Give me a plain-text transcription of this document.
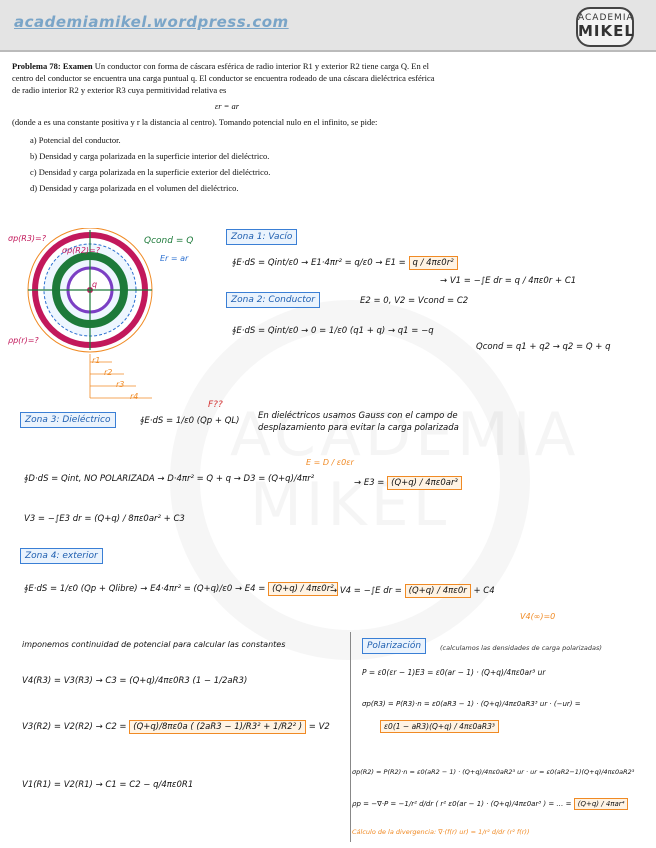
academiamikel.wordpress.com	ACADEMIA
MIKEL

Problema 78: Examen Un conductor con forma de cáscara esférica de radio interior R1 y exterior R2 tiene carga Q. En el centro del conductor se encuentra una carga puntual q. El conductor se encuentra rodeado de una cáscara dieléctrica esférica de radio interior R2 y exterior R3 cuya permitividad relativa es

εr = ar

(donde a es una constante positiva y r la distancia al centro). Tomando potencial nulo en el infinito, se pide:

a) Potencial del conductor.
b) Densidad y carga polarizada en la superficie interior del dieléctrico.
c) Densidad y carga polarizada en la superficie exterior del dieléctrico.
d) Densidad y carga polarizada en el volumen del dieléctrico.
σp(R3)=?
σp(R2)=?
Qcond = Q
Er = ar
q
ρp(r)=?
r1
r2
r3
r4
Zona 1: Vacío
∮E·dS = Qint/ε0 → E1·4πr² = q/ε0 → E1 = q / 4πε0r²
→ V1 = −∫E dr = q / 4πε0r + C1
Zona 2: Conductor	E2 = 0, V2 = Vcond = C2
∮E·dS = Qint/ε0 → 0 = 1/ε0 (q1 + q) → q1 = −q
Qcond = q1 + q2 → q2 = Q + q
Zona 3: Dieléctrico	∮E·dS = 1/ε0 (Qp + QL)
F??
En dieléctricos usamos Gauss con el campo de desplazamiento para evitar la carga polarizada
∮D·dS = Qint, NO POLARIZADA → D·4πr² = Q + q → D3 = (Q+q)/4πr²
E = D / ε0εr
→ E3 = (Q+q) / 4πε0ar³
V3 = −∫E3 dr = (Q+q) / 8πε0ar² + C3
Zona 4: exterior
∮E·dS = 1/ε0 (Qp + Qlibre) → E4·4πr² = (Q+q)/ε0 → E4 = (Q+q) / 4πε0r²
→ V4 = −∫E dr = (Q+q) / 4πε0r + C4
V4(∞)=0
imponemos continuidad de potencial para calcular las constantes
V4(R3) = V3(R3) → C3 = (Q+q)/4πε0R3 (1 − 1/2aR3)
V3(R2) = V2(R2) → C2 = (Q+q)/8πε0a ( (2aR3 − 1)/R3² + 1/R2² ) = V2
V1(R1) = V2(R1) → C1 = C2 − q/4πε0R1
Polarización	(calculamos las densidades de carga polarizadas)
P = ε0(εr − 1)E3 = ε0(ar − 1) · (Q+q)/4πε0ar³ ur
σp(R3) = P(R3)·n = ε0(aR3 − 1) · (Q+q)/4πε0aR3³ ur · (−ur) =
ε0(1 − aR3)(Q+q) / 4πε0aR3³
σp(R2) = P(R2)·n = ε0(aR2 − 1) · (Q+q)/4πε0aR2³ ur · ur = ε0(aR2−1)(Q+q)/4πε0aR2³
ρp = −∇·P = −1/r² d/dr ( r² ε0(ar − 1) · (Q+q)/4πε0ar³ ) = … = (Q+q) / 4πar⁴
Cálculo de la divergencia: ∇·(f(r) ur) = 1/r² d/dr (r² f(r))
